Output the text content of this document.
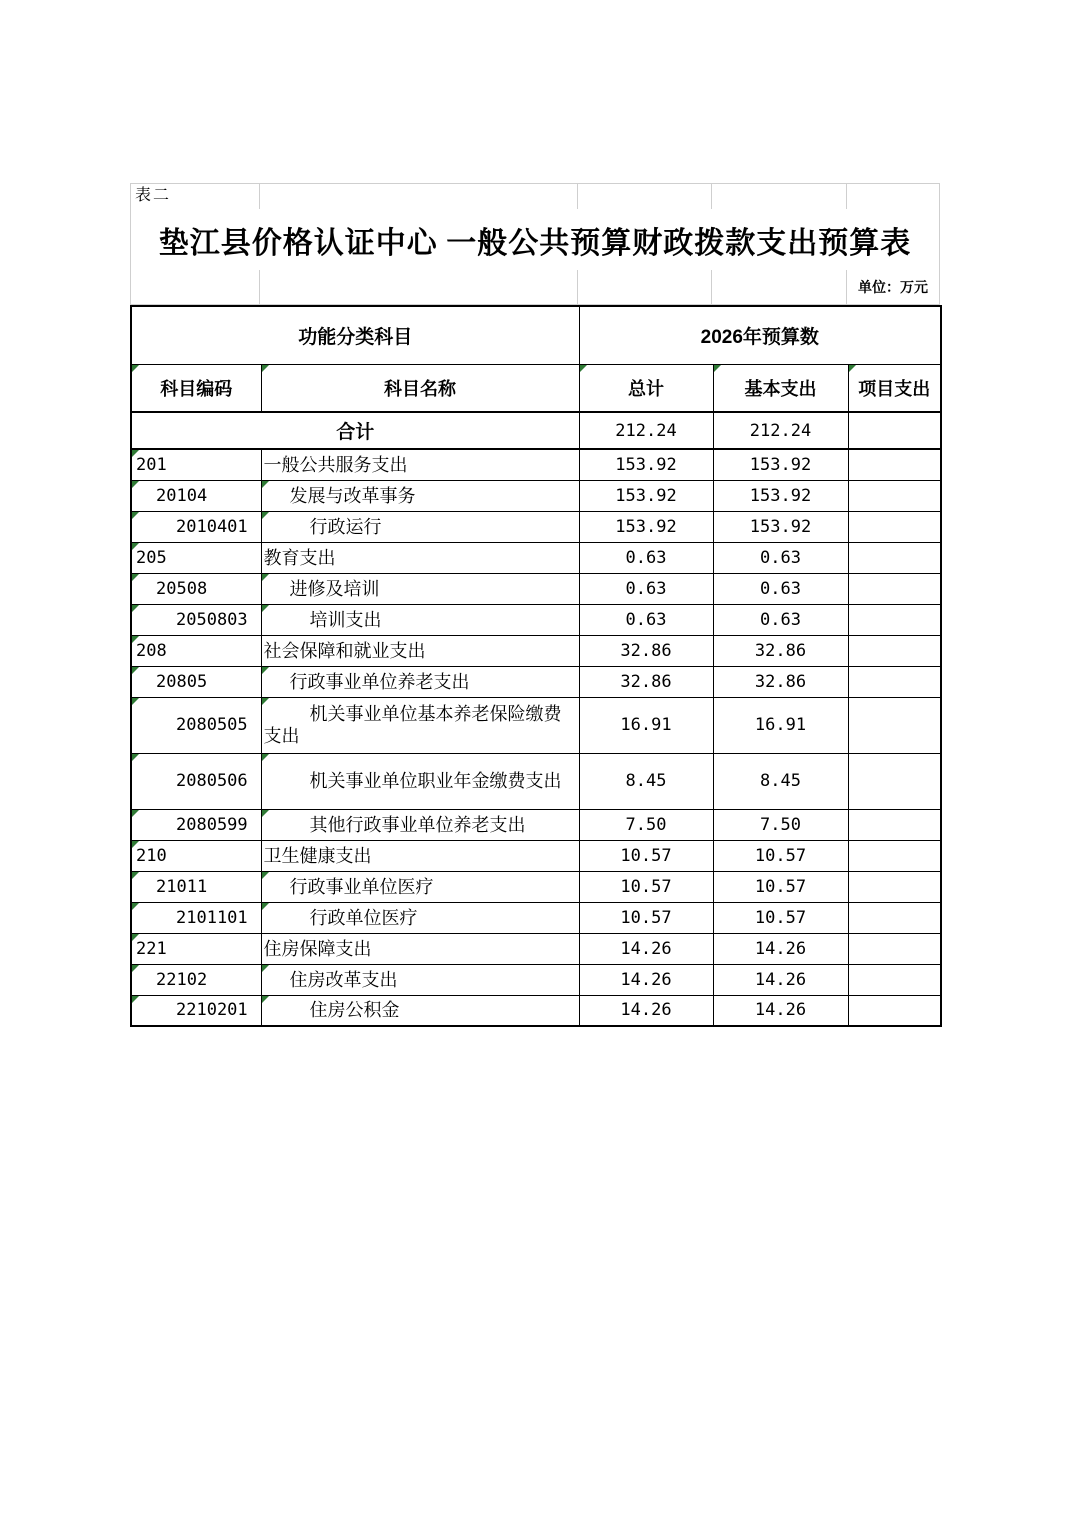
表二
垫江县价格认证中心 一般公共预算财政拨款支出预算表
单位：万元
功能分类科目		2026年预算数		

科目编码	科目名称	总计	基本支出	项目支出
合计		212.24	212.24	

201	一般公共服务支出	153.92	153.92	

20104	发展与改革事务	153.92	153.92	

2010401	行政运行	153.92	153.92	

205	教育支出	0.63	0.63	

20508	进修及培训	0.63	0.63	

2050803	培训支出	0.63	0.63	

208	社会保障和就业支出	32.86	32.86	

20805	行政事业单位养老支出	32.86	32.86	

2080505	机关事业单位基本养老保险缴费支出	16.91	16.91	

2080506	机关事业单位职业年金缴费支出	8.45	8.45	

2080599	其他行政事业单位养老支出	7.50	7.50	

210	卫生健康支出	10.57	10.57	

21011	行政事业单位医疗	10.57	10.57	

2101101	行政单位医疗	10.57	10.57	

221	住房保障支出	14.26	14.26	

22102	住房改革支出	14.26	14.26	

2210201	住房公积金	14.26	14.26	
